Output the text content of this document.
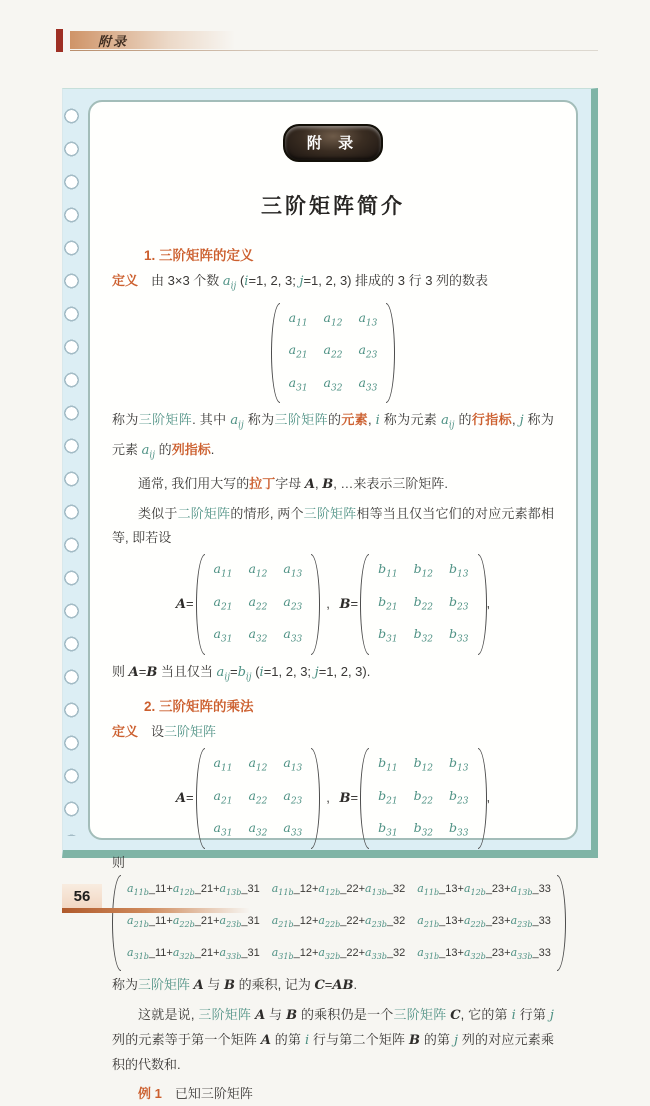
附录
附 录
三阶矩阵简介
1. 三阶矩阵的定义
定义　由 3×3 个数 $a_{ij}$ (i=1, 2, 3; j=1, 2, 3) 排成的 3 行 3 列的数表
$a_{11}$ $a_{12}$ $a_{13}$
$a_{21}$ $a_{22}$ $a_{23}$
$a_{31}$ $a_{32}$ $a_{33}$
称为三阶矩阵. 其中 $a_{ij}$ 称为三阶矩阵的元素, i 称为元素 $a_{ij}$ 的行指标, j 称为元素 $a_{ij}$ 的列指标.
通常, 我们用大写的拉丁字母 A, B, …来表示三阶矩阵.
类似于二阶矩阵的情形, 两个三阶矩阵相等当且仅当它们的对应元素都相等, 即若设
A=
$a_{11}$ $a_{12}$ $a_{13}$
$a_{21}$ $a_{22}$ $a_{23}$
$a_{31}$ $a_{32}$ $a_{33}$
, B=
$b_{11}$ $b_{12}$ $b_{13}$
$b_{21}$ $b_{22}$ $b_{23}$
$b_{31}$ $b_{32}$ $b_{33}$
,
则 A=B 当且仅当 $a_{ij}=b_{ij}$ (i=1, 2, 3; j=1, 2, 3).
2. 三阶矩阵的乘法
定义　设三阶矩阵
A=
$a_{11}$ $a_{12}$ $a_{13}$
$a_{21}$ $a_{22}$ $a_{23}$
$a_{31}$ $a_{32}$ $a_{33}$
, B=
$b_{11}$ $b_{12}$ $b_{13}$
$b_{21}$ $b_{22}$ $b_{23}$
$b_{31}$ $b_{32}$ $b_{33}$
,
则
$a_{11b}\_11+a_{12b}\_21+a_{13b}\_31$ $a_{11b}\_12+a_{12b}\_22+a_{13b}\_32$ $a_{11b}\_13+a_{12b}\_23+a_{13b}\_33$
$a_{21b}\_11+a_{22b}\_21+a_{23b}\_31$ $a_{21b}\_12+a_{22b}\_22+a_{23b}\_32$ $a_{21b}\_13+a_{22b}\_23+a_{23b}\_33$
$a_{31b}\_11+a_{32b}\_21+a_{33b}\_31$ $a_{31b}\_12+a_{32b}\_22+a_{33b}\_32$ $a_{31b}\_13+a_{32b}\_23+a_{33b}\_33$
称为三阶矩阵 A 与 B 的乘积, 记为 C=AB.
这就是说, 三阶矩阵 A 与 B 的乘积仍是一个三阶矩阵 C, 它的第 i 行第 j 列的元素等于第一个矩阵 A 的第 i 行与第二个矩阵 B 的第 j 列的对应元素乘积的代数和.
例 1　已知三阶矩阵
56
